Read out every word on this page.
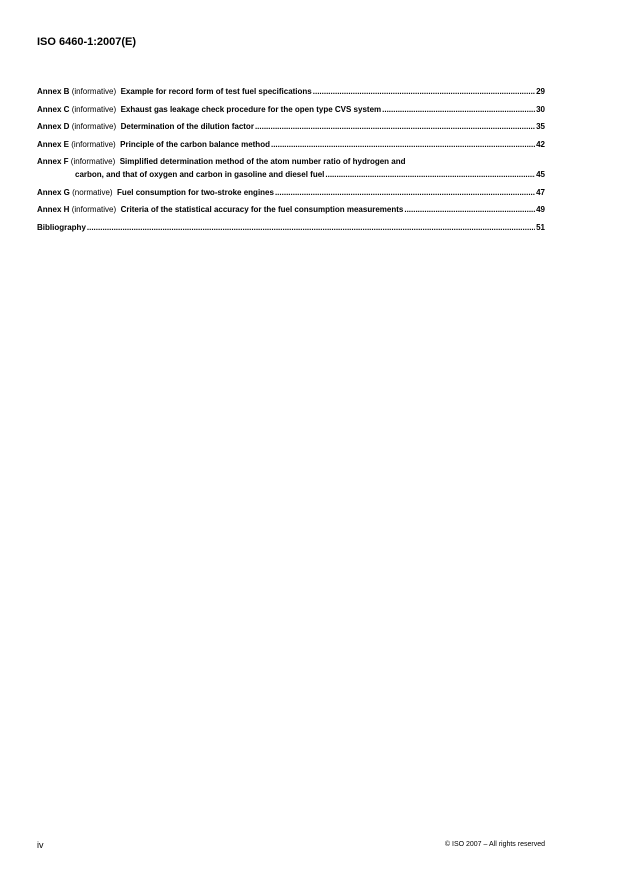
ISO 6460-1:2007(E)
Annex B (informative) Example for record form of test fuel specifications .....	29
Annex C (informative) Exhaust gas leakage check procedure for the open type CVS system .....	30
Annex D (informative) Determination of the dilution factor .....	35
Annex E (informative) Principle of the carbon balance method .....	42
Annex F (informative) Simplified determination method of the atom number ratio of hydrogen and
carbon, and that of oxygen and carbon in gasoline and diesel fuel .....	45
Annex G (normative) Fuel consumption for two-stroke engines .....	47
Annex H (informative) Criteria of the statistical accuracy for the fuel consumption measurements .....	49
Bibliography .....	51
iv	© ISO 2007 – All rights reserved
